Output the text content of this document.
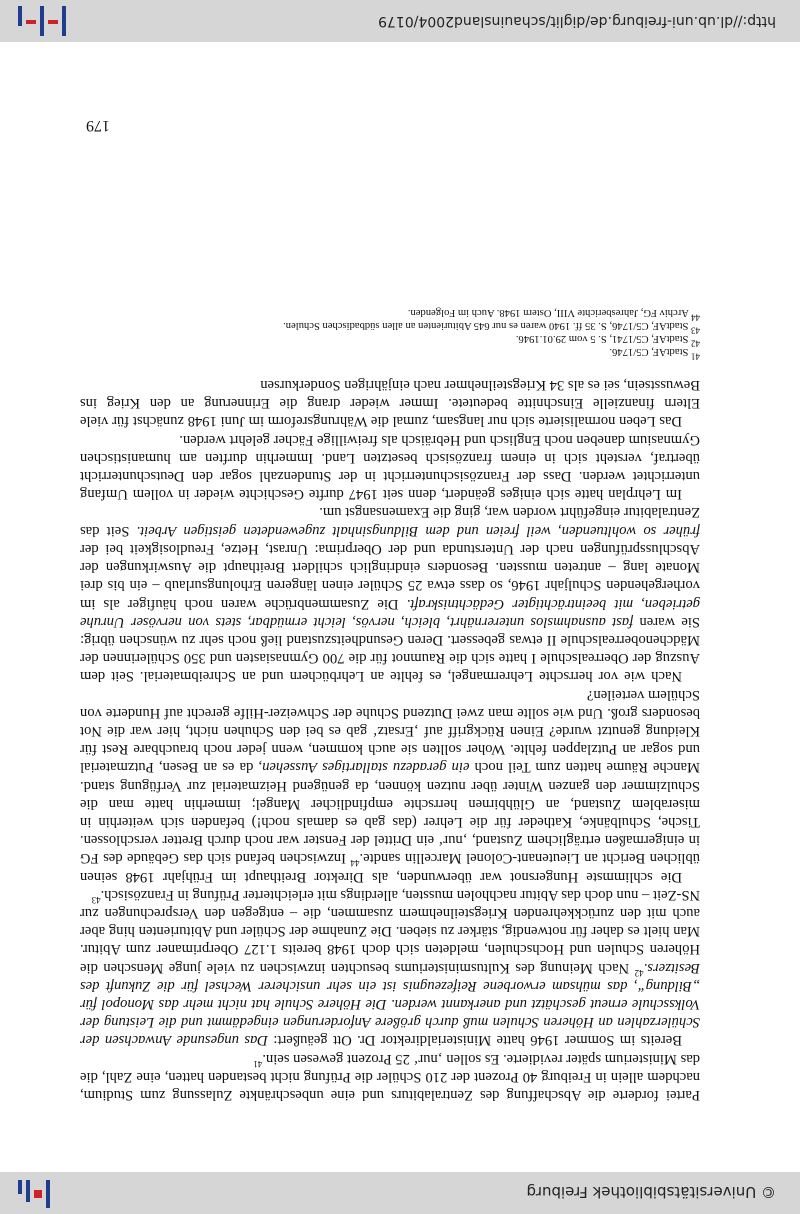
© Universitätsbibliothek Freiburg

Partei forderte die Abschaffung des Zentralabiturs und eine unbeschränkte Zulassung zum Studium, nachdem allein in Freiburg 40 Prozent der 210 Schüler die Prüfung nicht bestanden hatten, eine Zahl, die das Ministerium später revidierte. Es sollen ‚nur‘ 25 Prozent gewesen sein.$^{41}$

Bereits im Sommer 1946 hatte Ministerialdirektor Dr. Ott geäußert: Das ungesunde Anwachsen der Schülerzahlen an Höheren Schulen muß durch größere Anforderungen eingedämmt und die Leistung der Volksschule erneut geschätzt und anerkannt werden. Die Höhere Schule hat nicht mehr das Monopol für „Bildung“, das mühsam erworbene Reifezeugnis ist ein sehr unsicherer Wechsel für die Zukunft des Besitzers.$^{42}$ Nach Meinung des Kultusministeriums besuchten inzwischen zu viele junge Menschen die Höheren Schulen und Hochschulen, meldeten sich doch 1948 bereits 1.127 Oberprimaner zum Abitur. Man hielt es daher für notwendig, stärker zu sieben. Die Zunahme der Schüler und Abiturienten hing aber auch mit den zurückkehrenden Kriegsteilnehmern zusammen, die – entgegen den Versprechungen zur NS-Zeit – nun doch das Abitur nachholen mussten, allerdings mit erleichterter Prüfung in Französisch.$^{43}$

Die schlimmste Hungersnot war überwunden, als Direktor Breithaupt im Frühjahr 1948 seinen üblichen Bericht an Lieutenant-Colonel Marcellin sandte.$^{44}$ Inzwischen befand sich das Gebäude des FG in einigermaßen erträglichem Zustand, ‚nur‘ ein Drittel der Fenster war noch durch Bretter verschlossen. Tische, Schulbänke, Katheder für die Lehrer (das gab es damals noch!) befanden sich weiterhin in miserablem Zustand, an Glühbirnen herrschte empfindlicher Mangel; immerhin hatte man die Schulzimmer den ganzen Winter über nutzen können, da genügend Heizmaterial zur Verfügung stand. Manche Räume hatten zum Teil noch ein geradezu stallartiges Aussehen, da es an Besen, Putzmaterial und sogar an Putzlappen fehlte. Woher sollten sie auch kommen, wenn jeder noch brauchbare Rest für Kleidung genutzt wurde? Einen Rückgriff auf ‚Ersatz‘ gab es bei den Schuhen nicht, hier war die Not besonders groß. Und wie sollte man zwei Dutzend Schuhe der Schweizer-Hilfe gerecht auf Hunderte von Schülern verteilen?

Nach wie vor herrschte Lehrermangel, es fehlte an Lehrbüchern und an Schreibmaterial. Seit dem Auszug der Oberrealschule I hatte sich die Raumnot für die 700 Gymnasiasten und 350 Schülerinnen der Mädchenoberrealschule II etwas gebessert. Deren Gesundheitszustand ließ noch sehr zu wünschen übrig: Sie waren fast ausnahmslos unterernährt, bleich, nervös, leicht ermüdbar, stets von nervöser Unruhe getrieben, mit beeinträchtigter Gedächtniskraft. Die Zusammenbrüche waren noch häufiger als im vorhergehenden Schuljahr 1946, so dass etwa 25 Schüler einen längeren Erholungsurlaub – ein bis drei Monate lang – antreten mussten. Besonders eindringlich schildert Breithaupt die Auswirkungen der Abschlussprüfungen nach der Unterstunda und der Oberprima: Unrast, Hetze, Freudlosigkeit bei der früher so wohltuenden, weil freien und dem Bildungsinhalt zugewendeten geistigen Arbeit. Seit das Zentralabitur eingeführt worden war, ging die Examensangst um.

Im Lehrplan hatte sich einiges geändert, denn seit 1947 durfte Geschichte wieder in vollem Umfang unterrichtet werden. Dass der Französischunterricht in der Stundenzahl sogar den Deutschunterricht übertraf, versteht sich in einem französisch besetzten Land. Immerhin durften am humanistischen Gymnasium daneben noch Englisch und Hebräisch als freiwillige Fächer gelehrt werden.

Das Leben normalisierte sich nur langsam, zumal die Währungsreform im Juni 1948 zunächst für viele Eltern finanzielle Einschnitte bedeutete. Immer wieder drang die Erinnerung an den Krieg ins Bewusstsein, sei es als 34 Kriegsteilnehmer nach einjährigen Sonderkursen

$^{41}$ StadtAF, C5/1746.
$^{42}$ StadtAF, C5/1741, S. 5 vom 29.01.1946.
$^{43}$ StadtAF, C5/1746, S. 35 ff. 1940 waren es nur 645 Abiturienten an allen südbadischen Schulen.
$^{44}$ Archiv FG, Jahresberichte VIII, Ostern 1948. Auch im Folgenden.
179
http://dl.ub.uni-freiburg.de/diglit/schauinsland2004/0179
